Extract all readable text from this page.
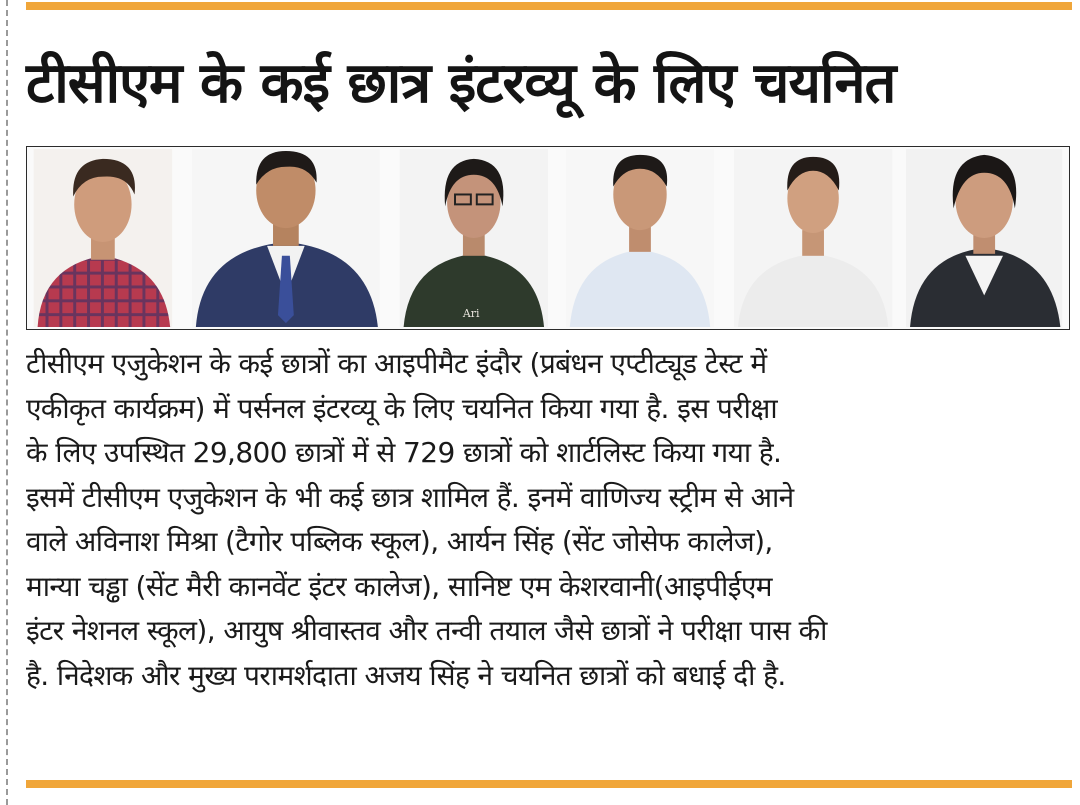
टीसीएम के कई छात्र इंटरव्यू के लिए चयनित
Ari

टीसीएम एजुकेशन के कई छात्रों का आइपीमैट इंदौर (प्रबंधन एप्टीट्यूड टेस्ट में

एकीकृत कार्यक्रम) में पर्सनल इंटरव्यू के लिए चयनित किया गया है. इस परीक्षा

के लिए उपस्थित 29,800 छात्रों में से 729 छात्रों को शार्टलिस्ट किया गया है.

इसमें टीसीएम एजुकेशन के भी कई छात्र शामिल हैं. इनमें वाणिज्य स्ट्रीम से आने

वाले अविनाश मिश्रा (टैगोर पब्लिक स्कूल), आर्यन सिंह (सेंट जोसेफ कालेज),

मान्या चड्ढा (सेंट मैरी कानवेंट इंटर कालेज), सानिष्ट एम केशरवानी(आइपीईएम

इंटर नेशनल स्कूल), आयुष श्रीवास्तव और तन्वी तयाल जैसे छात्रों ने परीक्षा पास की

है. निदेशक और मुख्य परामर्शदाता अजय सिंह ने चयनित छात्रों को बधाई दी है.
